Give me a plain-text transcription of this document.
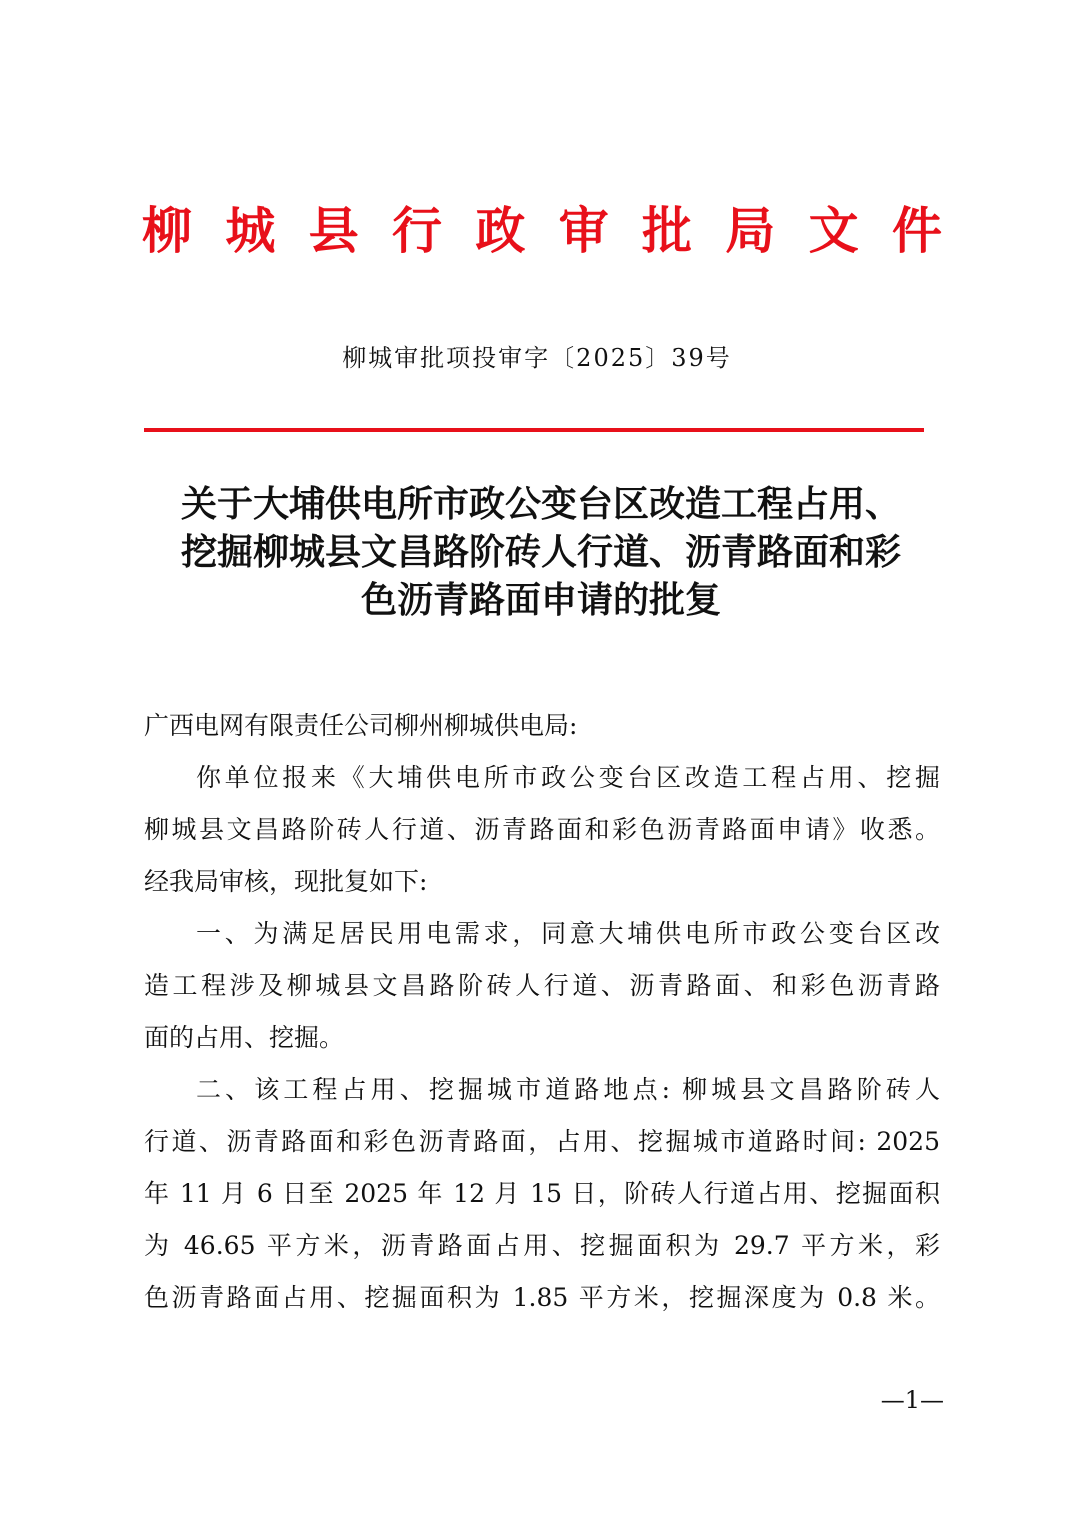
柳 城 县 行 政 审 批 局 文 件
柳城审批项投审字〔2025〕39号
关于大埔供电所市政公变台区改造工程占用、
挖掘柳城县文昌路阶砖人行道、沥青路面和彩
色沥青路面申请的批复
广西电网有限责任公司柳州柳城供电局:
你单位报来《大埔供电所市政公变台区改造工程占用、挖掘
柳城县文昌路阶砖人行道、沥青路面和彩色沥青路面申请》收悉。
经我局审核，现批复如下:
一、为满足居民用电需求，同意大埔供电所市政公变台区改
造工程涉及柳城县文昌路阶砖人行道、沥青路面、和彩色沥青路
面的占用、挖掘。
二、该工程占用、挖掘城市道路地点: 柳城县文昌路阶砖人
行道、沥青路面和彩色沥青路面，占用、挖掘城市道路时间: 2025
年 11 月 6 日至 2025 年 12 月 15 日，阶砖人行道占用、挖掘面积
为 46.65 平方米，沥青路面占用、挖掘面积为 29.7 平方米，彩
色沥青路面占用、挖掘面积为 1.85 平方米，挖掘深度为 0.8 米。
—1—
